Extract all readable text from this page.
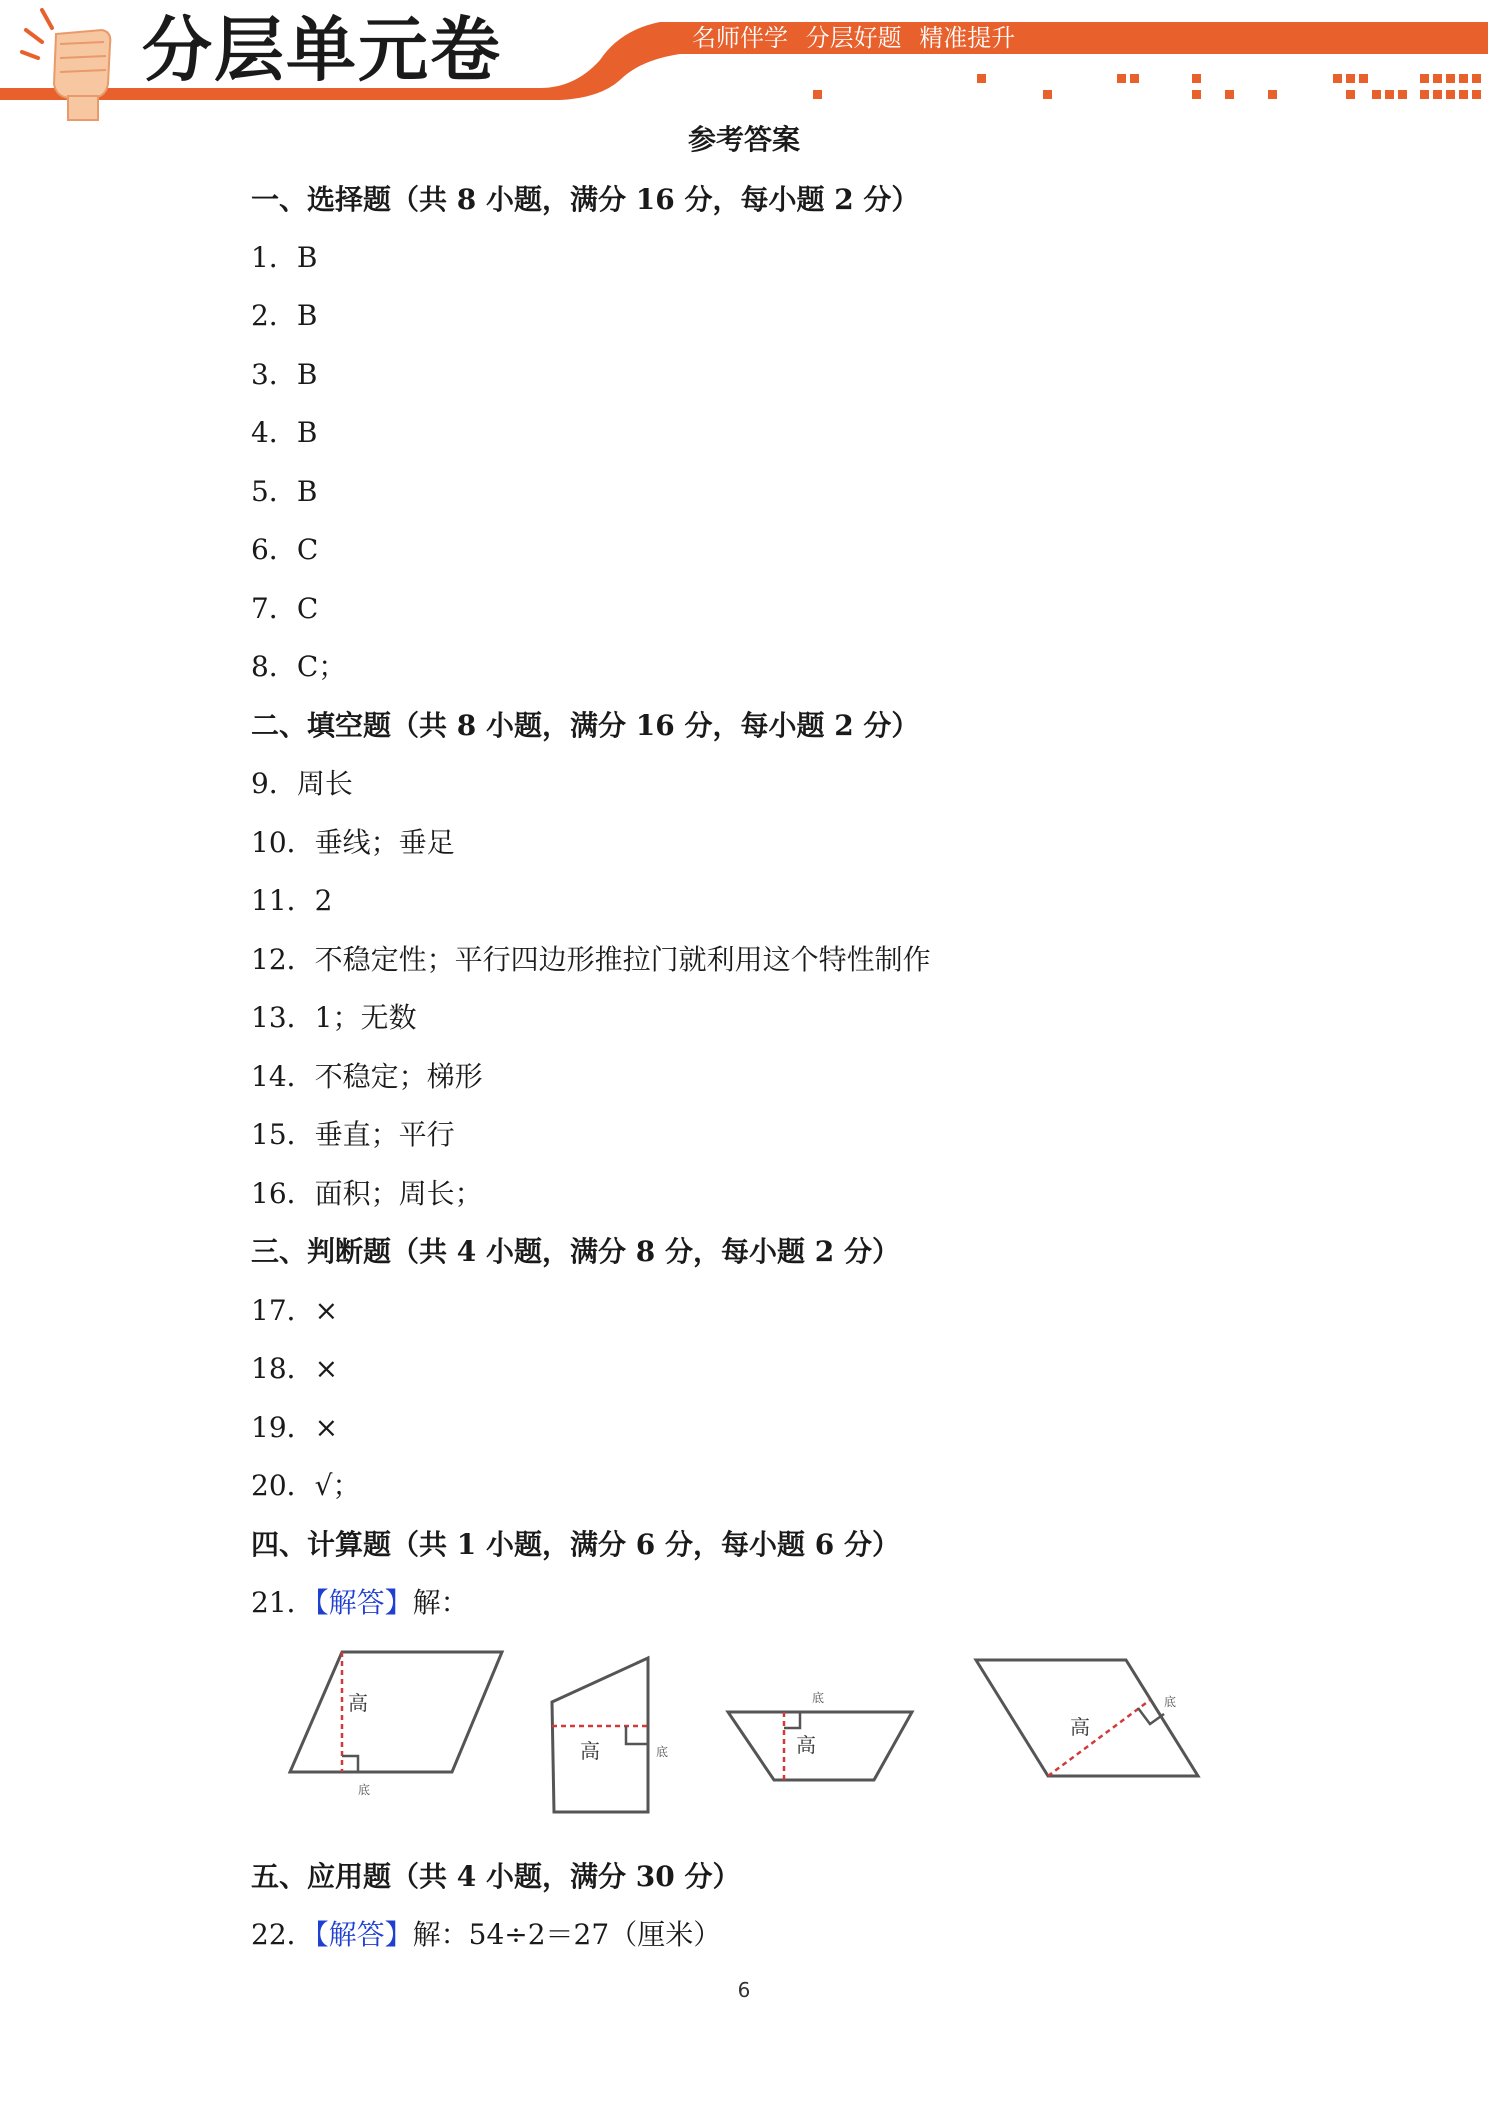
分层单元卷	名师伴学 分层好题 精准提升
参考答案
一、选择题（共 8 小题，满分 16 分，每小题 2 分）
1．B
2．B
3．B
4．B
5．B
6．C
7．C
8．C；
二、填空题（共 8 小题，满分 16 分，每小题 2 分）
9．周长
10．垂线；垂足
11．2
12．不稳定性；平行四边形推拉门就利用这个特性制作
13．1；无数
14．不稳定；梯形
15．垂直；平行
16．面积；周长；
三、判断题（共 4 小题，满分 8 分，每小题 2 分）
17．×
18．×
19．×
20．√；
四、计算题（共 1 小题，满分 6 分，每小题 6 分）
21．【解答】解：
高
高	高
高
底
底
底	底
五、应用题（共 4 小题，满分 30 分）
22．【解答】解：54÷2＝27（厘米）
6
